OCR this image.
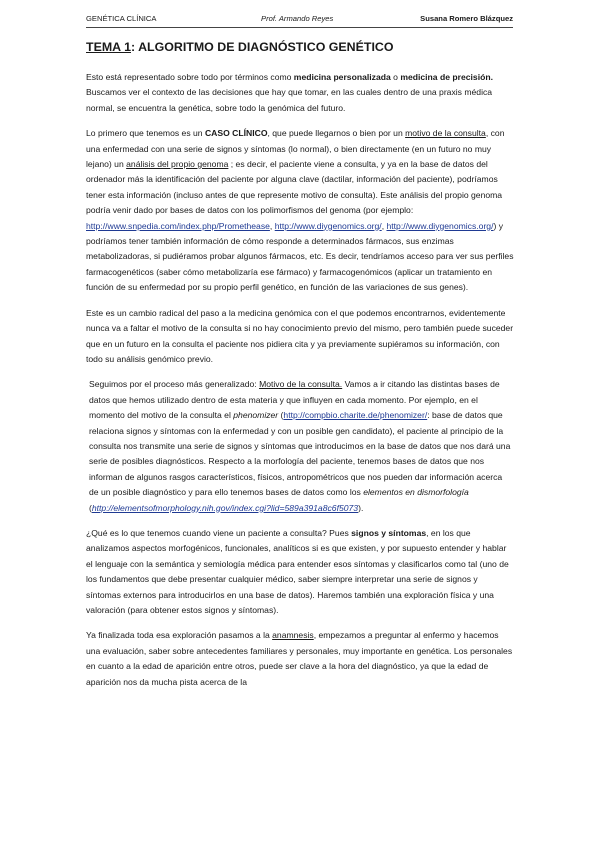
GENÉTICA CLÍNICA	Prof. Armando Reyes	Susana Romero Blázquez
TEMA 1: ALGORITMO DE DIAGNÓSTICO GENÉTICO

Esto está representado sobre todo por términos como medicina personalizada o medicina de precisión. Buscamos ver el contexto de las decisiones que hay que tomar, en las cuales dentro de una praxis médica normal, se encuentra la genética, sobre todo la genómica del futuro.

Lo primero que tenemos es un CASO CLÍNICO, que puede llegarnos o bien por un motivo de la consulta, con una enfermedad con una serie de signos y síntomas (lo normal), o bien directamente (en un futuro no muy lejano) un análisis del propio genoma ; es decir, el paciente viene a consulta, y ya en la base de datos del ordenador más la identificación del paciente por alguna clave (dactilar, información del paciente), podríamos tener esta información (incluso antes de que represente motivo de consulta). Este análisis del propio genoma podría venir dado por bases de datos con los polimorfismos del genoma (por ejemplo: http://www.snpedia.com/index.php/Promethease, http://www.diygenomics.org/, http://www.diygenomics.org/) y podríamos tener también información de cómo responde a determinados fármacos, sus enzimas metabolizadoras, si pudiéramos probar algunos fármacos, etc. Es decir, tendríamos acceso para ver sus perfiles farmacogenéticos (saber cómo metabolizaría ese fármaco) y farmacogenómicos (aplicar un tratamiento en función de su enfermedad por su propio perfil genético, en función de las variaciones de sus genes).

Este es un cambio radical del paso a la medicina genómica con el que podemos encontrarnos, evidentemente nunca va a faltar el motivo de la consulta si no hay conocimiento previo del mismo, pero también puede suceder que en un futuro en la consulta el paciente nos pidiera cita y ya previamente supiéramos su información, con todo su análisis genómico previo.

Seguimos por el proceso más generalizado: Motivo de la consulta. Vamos a ir citando las distintas bases de datos que hemos utilizado dentro de esta materia y que influyen en cada momento. Por ejemplo, en el momento del motivo de la consulta el phenomizer (http://compbio.charite.de/phenomizer/: base de datos que relaciona signos y síntomas con la enfermedad y con un posible gen candidato), el paciente al principio de la consulta nos transmite una serie de signos y síntomas que introducimos en la base de datos que nos dará una serie de posibles diagnósticos. Respecto a la morfología del paciente, tenemos bases de datos que nos informan de algunos rasgos característicos, físicos, antropométricos que nos pueden dar información acerca de un posible diagnóstico y para ello tenemos bases de datos como los elementos en dismorfología (http://elementsofmorphology.nih.gov/index.cgi?lid=589a391a8c6f5073).

¿Qué es lo que tenemos cuando viene un paciente a consulta? Pues signos y síntomas, en los que analizamos aspectos morfogénicos, funcionales, analíticos si es que existen, y por supuesto entender y hablar el lenguaje con la semántica y semiología médica para entender esos síntomas y clasificarlos como tal (uno de los fundamentos que debe presentar cualquier médico, saber siempre interpretar una serie de signos y síntomas externos para introducirlos en una base de datos). Haremos también una exploración física y una valoración (para obtener estos signos y síntomas).

Ya finalizada toda esa exploración pasamos a la anamnesis, empezamos a preguntar al enfermo y hacemos una evaluación, saber sobre antecedentes familiares y personales, muy importante en genética. Los personales en cuanto a la edad de aparición entre otros, puede ser clave a la hora del diagnóstico, ya que la edad de aparición nos da mucha pista acerca de la
